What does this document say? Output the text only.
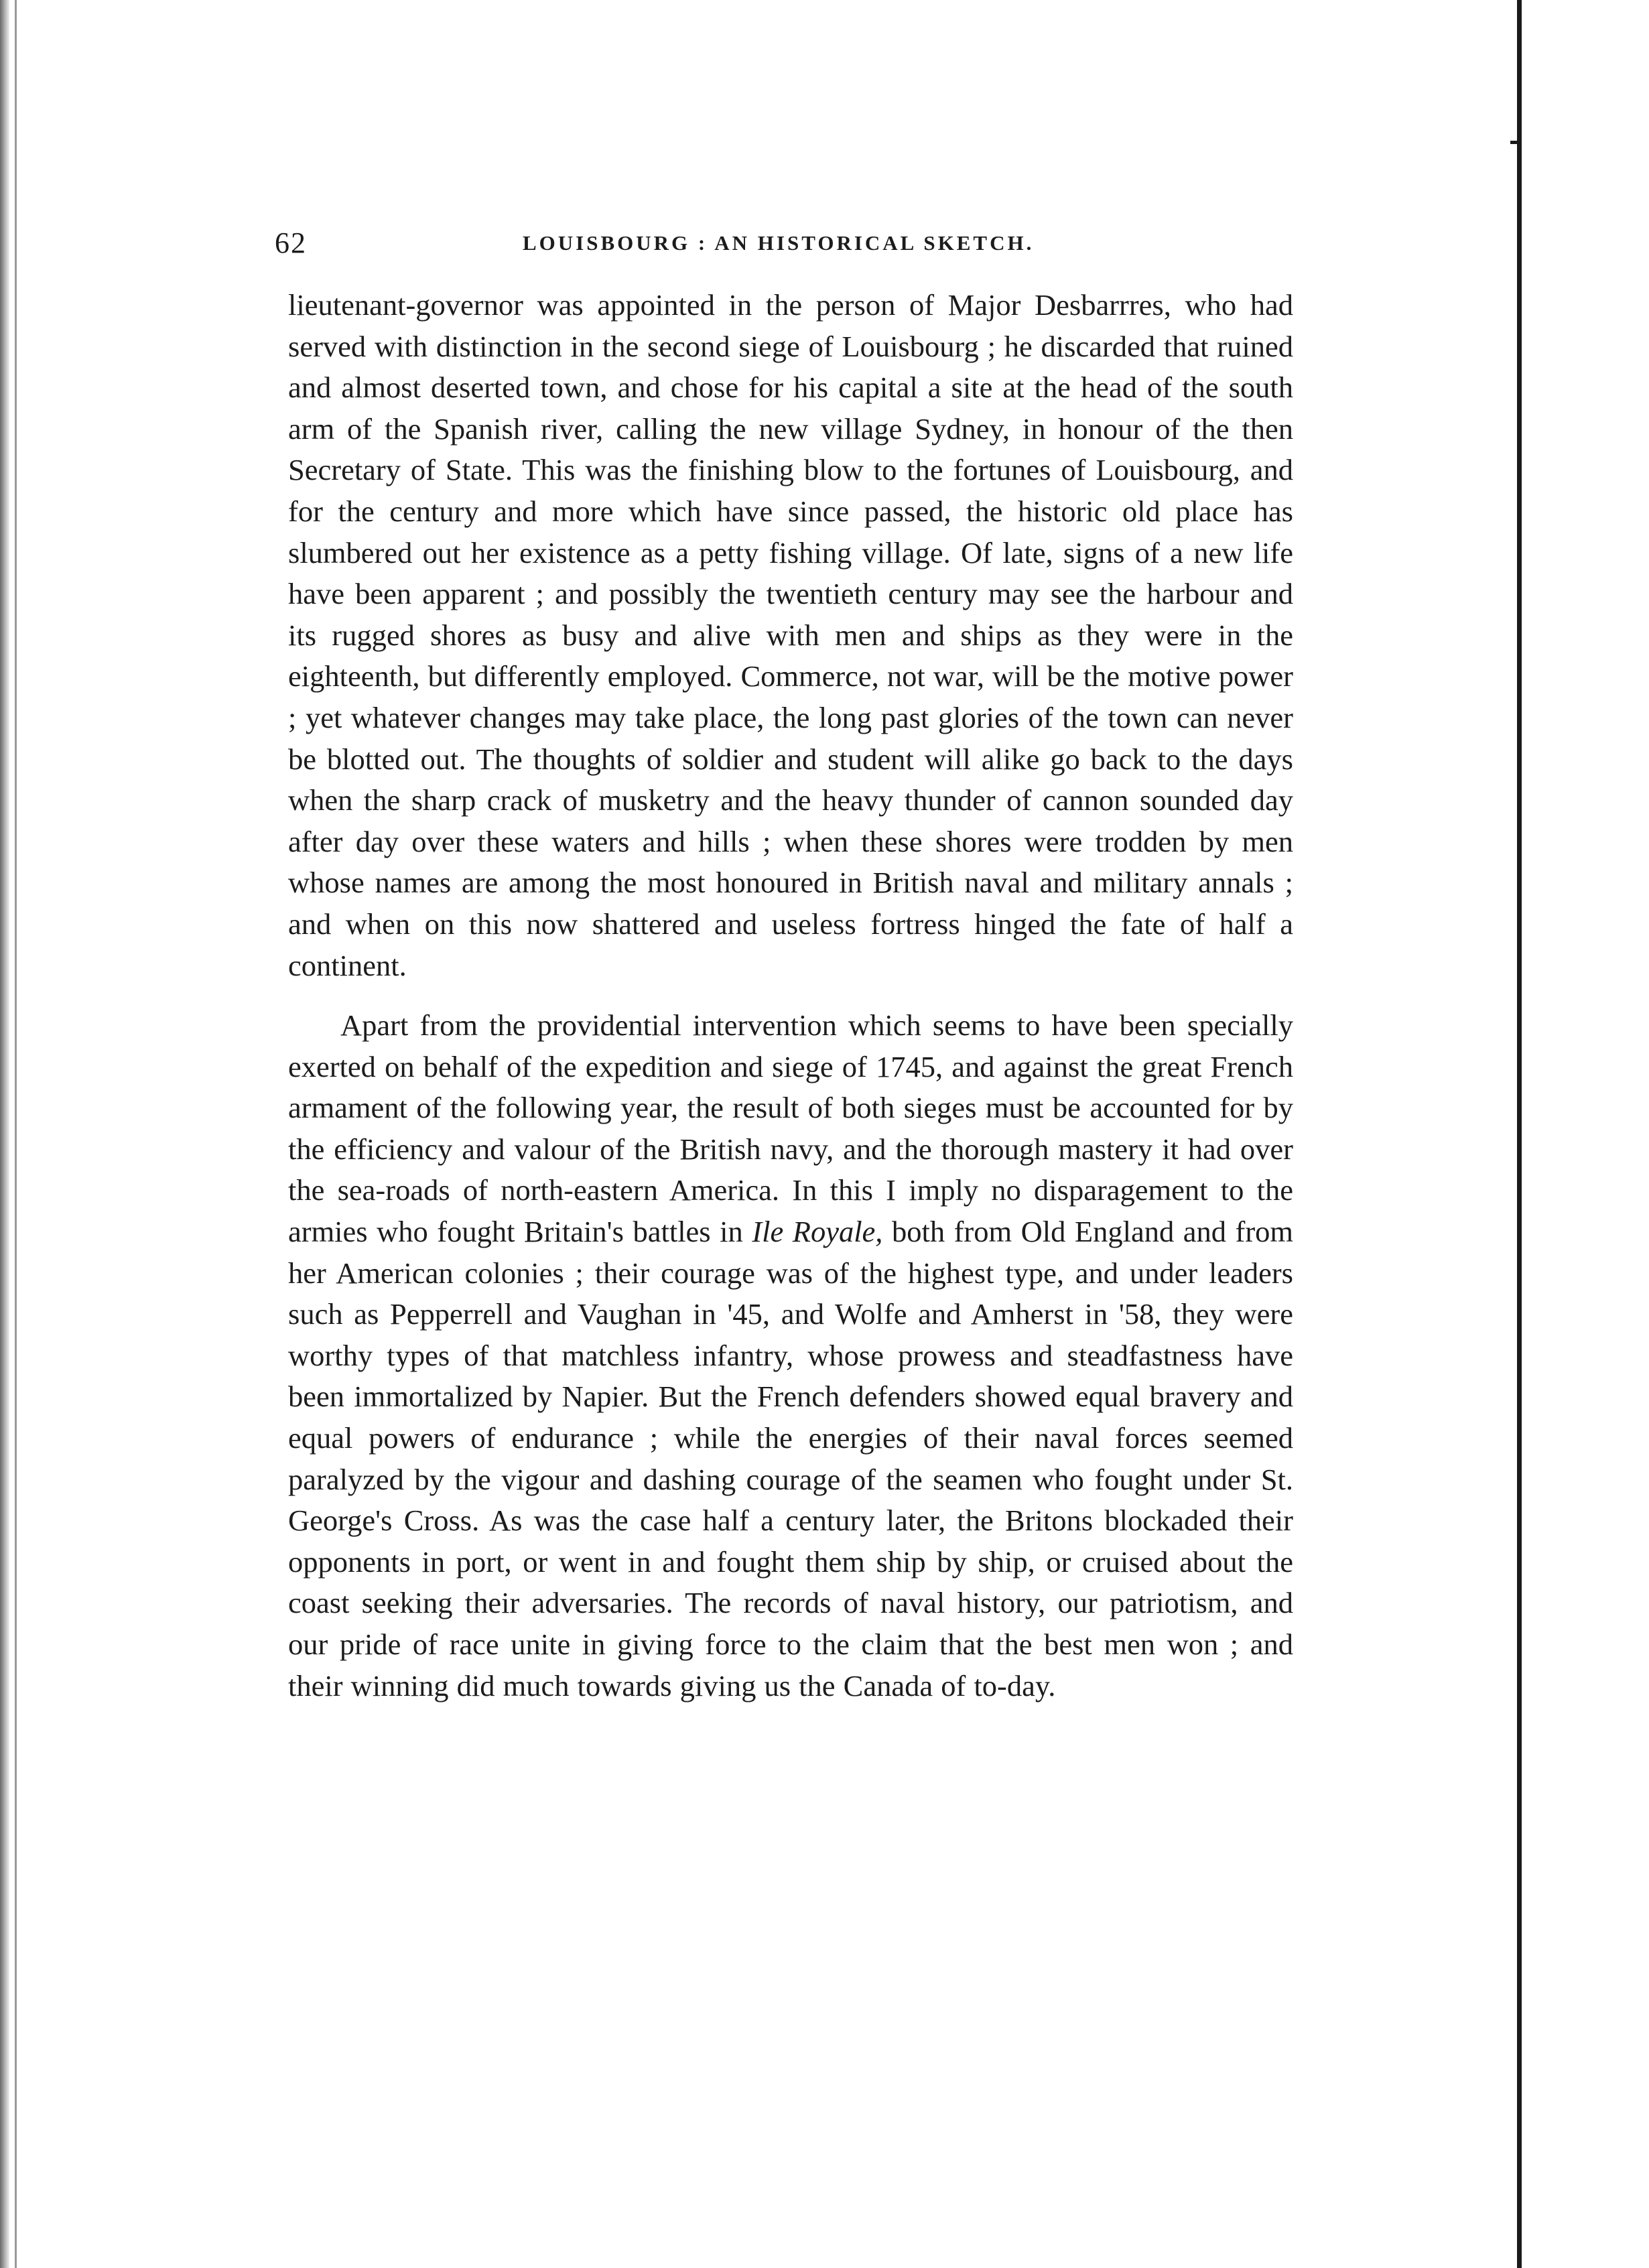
62	LOUISBOURG : AN HISTORICAL SKETCH.

lieutenant-governor was appointed in the person of Major Desbarrres, who had served with distinction in the second siege of Louisbourg ; he discarded that ruined and almost deserted town, and chose for his capital a site at the head of the south arm of the Spanish river, calling the new village Sydney, in honour of the then Secretary of State. This was the finishing blow to the fortunes of Louisbourg, and for the century and more which have since passed, the historic old place has slumbered out her existence as a petty fishing village. Of late, signs of a new life have been apparent ; and possibly the twentieth century may see the harbour and its rugged shores as busy and alive with men and ships as they were in the eighteenth, but differently employed. Commerce, not war, will be the motive power ; yet whatever changes may take place, the long past glories of the town can never be blotted out. The thoughts of soldier and student will alike go back to the days when the sharp crack of musketry and the heavy thunder of cannon sounded day after day over these waters and hills ; when these shores were trodden by men whose names are among the most honoured in British naval and military annals ; and when on this now shattered and useless fortress hinged the fate of half a continent.

Apart from the providential intervention which seems to have been specially exerted on behalf of the expedition and siege of 1745, and against the great French armament of the following year, the result of both sieges must be accounted for by the efficiency and valour of the British navy, and the thorough mastery it had over the sea-roads of north-eastern America. In this I imply no disparagement to the armies who fought Britain's battles in Ile Royale, both from Old England and from her American colonies ; their courage was of the highest type, and under leaders such as Pepperrell and Vaughan in '45, and Wolfe and Amherst in '58, they were worthy types of that matchless infantry, whose prowess and steadfastness have been immortalized by Napier. But the French defenders showed equal bravery and equal powers of endurance ; while the energies of their naval forces seemed paralyzed by the vigour and dashing courage of the seamen who fought under St. George's Cross. As was the case half a century later, the Britons blockaded their opponents in port, or went in and fought them ship by ship, or cruised about the coast seeking their adversaries. The records of naval history, our patriotism, and our pride of race unite in giving force to the claim that the best men won ; and their winning did much towards giving us the Canada of to-day.
